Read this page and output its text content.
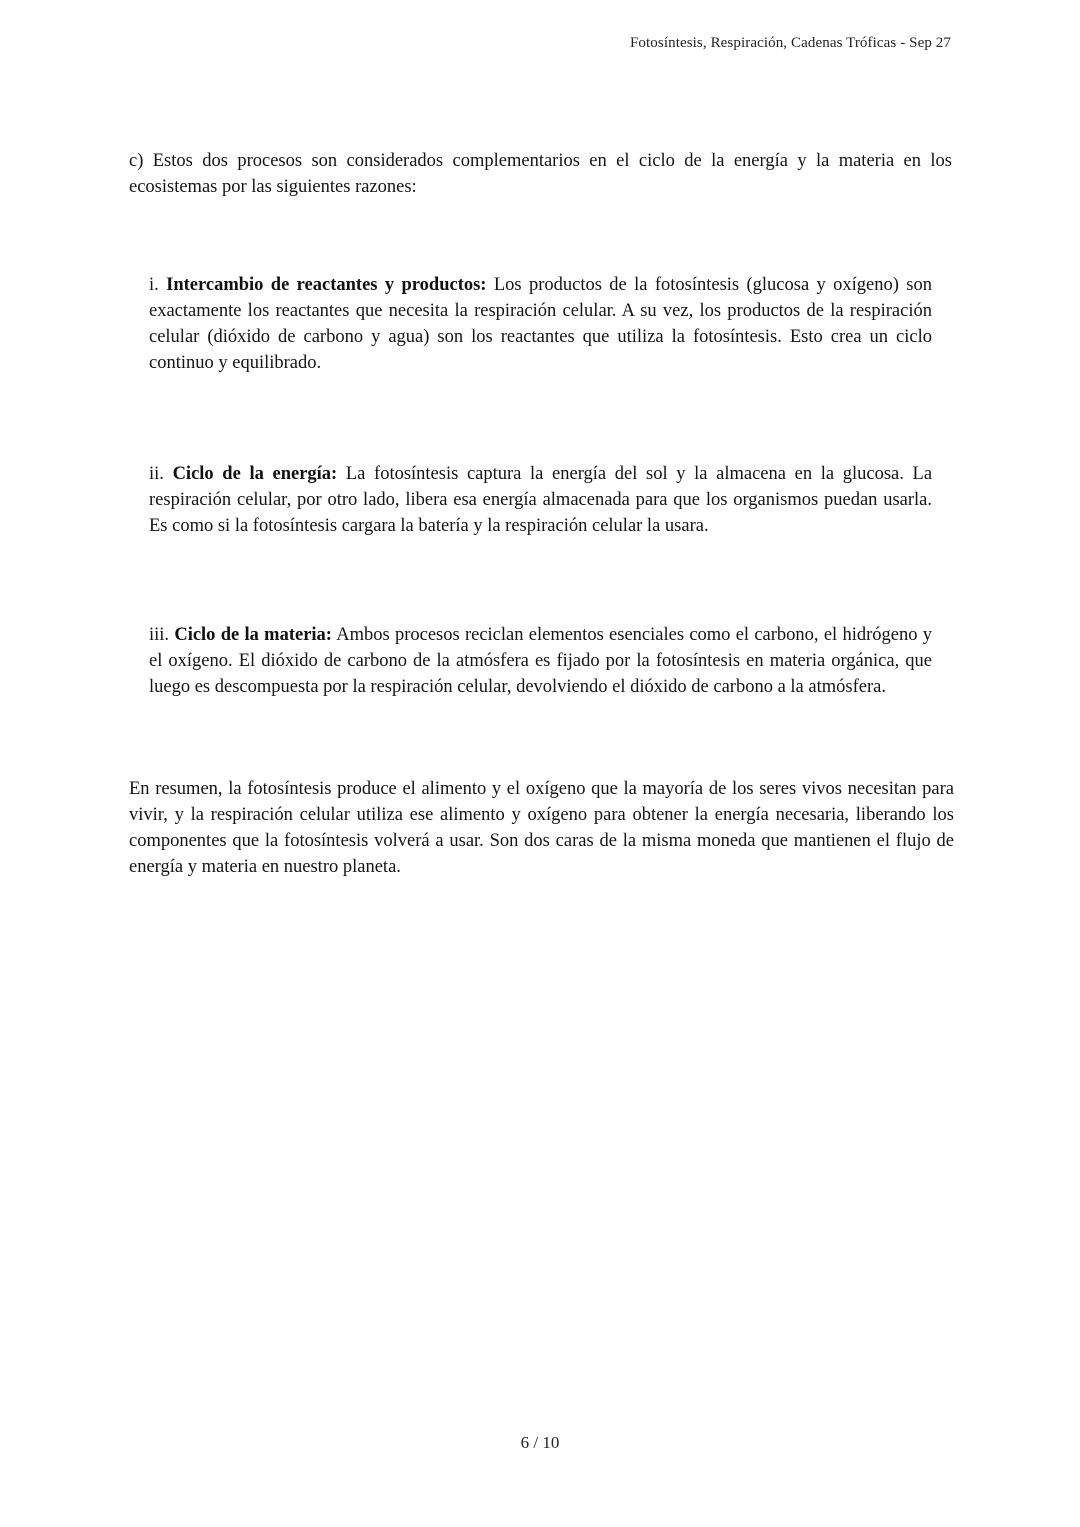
Fotosíntesis, Respiración, Cadenas Tróficas - Sep 27

c) Estos dos procesos son considerados complementarios en el ciclo de la energía y la materia en los ecosistemas por las siguientes razones:

i. Intercambio de reactantes y productos: Los productos de la fotosíntesis (glucosa y oxígeno) son exactamente los reactantes que necesita la respiración celular. A su vez, los productos de la respiración celular (dióxido de carbono y agua) son los reactantes que utiliza la fotosíntesis. Esto crea un ciclo continuo y equilibrado.

ii. Ciclo de la energía: La fotosíntesis captura la energía del sol y la almacena en la glucosa. La respiración celular, por otro lado, libera esa energía almacenada para que los organismos puedan usarla. Es como si la fotosíntesis cargara la batería y la respiración celular la usara.

iii. Ciclo de la materia: Ambos procesos reciclan elementos esenciales como el carbono, el hidrógeno y el oxígeno. El dióxido de carbono de la atmósfera es fijado por la fotosíntesis en materia orgánica, que luego es descompuesta por la respiración celular, devolviendo el dióxido de carbono a la atmósfera.

En resumen, la fotosíntesis produce el alimento y el oxígeno que la mayoría de los seres vivos necesitan para vivir, y la respiración celular utiliza ese alimento y oxígeno para obtener la energía necesaria, liberando los componentes que la fotosíntesis volverá a usar. Son dos caras de la misma moneda que mantienen el flujo de energía y materia en nuestro planeta.

6 / 10
